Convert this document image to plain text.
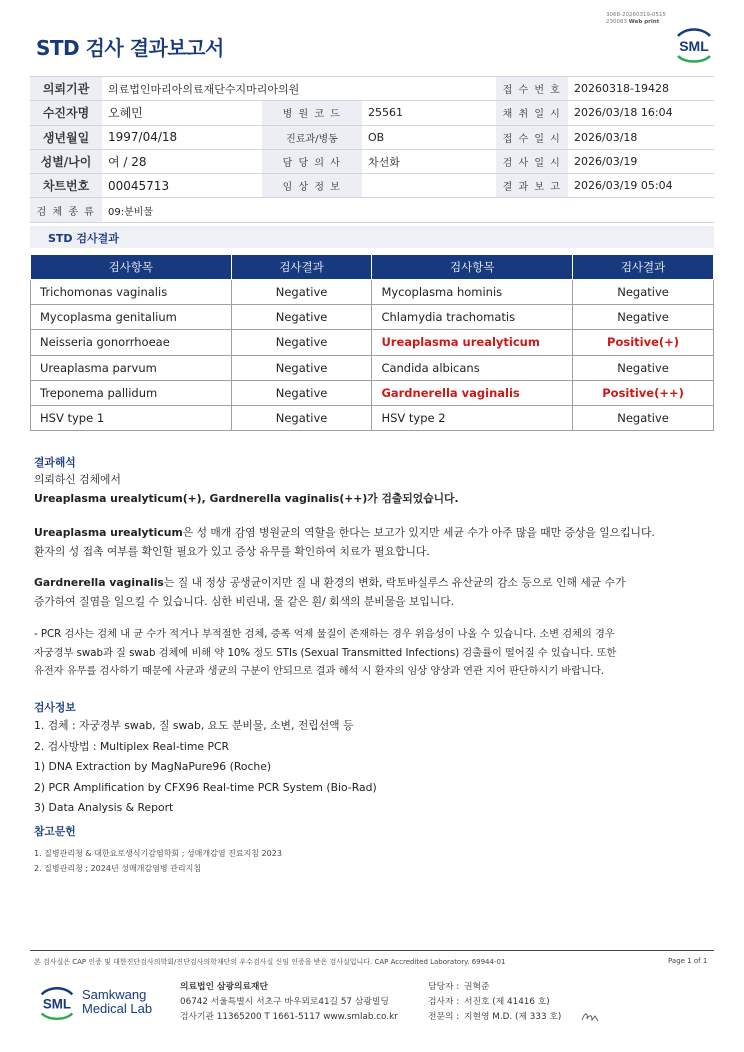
3068-20260319-0515
230083 Web print
STD 검사 결과보고서	SML
의뢰기관	의료법인마리아의료재단수지마리아의원			접 수 번 호	20260318-19428
수진자명	오혜민	병 원 코 드	25561	채 취 일 시	2026/03/18 16:04
생년월일	1997/04/18	진료과/병동	OB	접 수 일 시	2026/03/18
성별/나이	여 / 28	담 당 의 사	차선화	검 사 일 시	2026/03/19
차트번호	00045713	임 상 정 보		결 과 보 고	2026/03/19 05:04
검 체 종 류	09:분비물				
STD 검사결과
검사항목	검사결과	검사항목	검사결과
Trichomonas vaginalis	Negative	Mycoplasma hominis	Negative
Mycoplasma genitalium	Negative	Chlamydia trachomatis	Negative
Neisseria gonorrhoeae	Negative	Ureaplasma urealyticum	Positive(+)
Ureaplasma parvum	Negative	Candida albicans	Negative
Treponema pallidum	Negative	Gardnerella vaginalis	Positive(++)
HSV type 1	Negative	HSV type 2	Negative
결과해석
의뢰하신 검체에서
Ureaplasma urealyticum(+), Gardnerella vaginalis(++)가 검출되었습니다.
Ureaplasma urealyticum은 성 매개 감염 병원균의 역할을 한다는 보고가 있지만 세균 수가 아주 많을 때만 증상을 일으킵니다.
환자의 성 접촉 여부를 확인할 필요가 있고 증상 유무를 확인하여 치료가 필요합니다.
Gardnerella vaginalis는 질 내 정상 공생균이지만 질 내 환경의 변화, 락토바실루스 유산균의 감소 등으로 인해 세균 수가
증가하여 질염을 일으킬 수 있습니다. 심한 비린내, 물 같은 흰/ 회색의 분비물을 보입니다.
- PCR 검사는 검체 내 균 수가 적거나 부적절한 검체, 증폭 억제 물질이 존재하는 경우 위음성이 나올 수 있습니다. 소변 검체의 경우
자궁경부 swab과 질 swab 검체에 비해 약 10% 정도 STIs (Sexual Transmitted Infections) 검출률이 떨어질 수 있습니다. 또한
유전자 유무를 검사하기 때문에 사균과 생균의 구분이 안되므로 결과 해석 시 환자의 임상 양상과 연관 지어 판단하시기 바랍니다.
검사정보
1. 검체 : 자궁경부 swab, 질 swab, 요도 분비물, 소변, 전립선액 등
2. 검사방법 : Multiplex Real-time PCR
1) DNA Extraction by MagNaPure96 (Roche)
2) PCR Amplification by CFX96 Real-time PCR System (Bio-Rad)
3) Data Analysis & Report
참고문헌
1. 질병관리청 & 대한요로생식기감염학회 ; 성매개감염 진료지침 2023
2. 질병관리청 ; 2024년 성매개감염병 관리지침
본 검사실은 CAP 인증 및 대한진단검사의학회/진단검사의학재단의 우수검사실 신임 인증을 받은 검사실입니다. CAP Accredited Laboratory. 69944-01	Page 1 of 1
SML
Samkwang
Medical Lab
의료법인 삼광의료재단
06742 서울특별시 서초구 바우뫼로41길 57 삼광빌딩
검사기관 11365200 T 1661-5117 www.smlab.co.kr
담당자 : 권혁준
검사자 : 서진호 (제 41416 호)
전문의 : 지현영 M.D. (제 333 호)
